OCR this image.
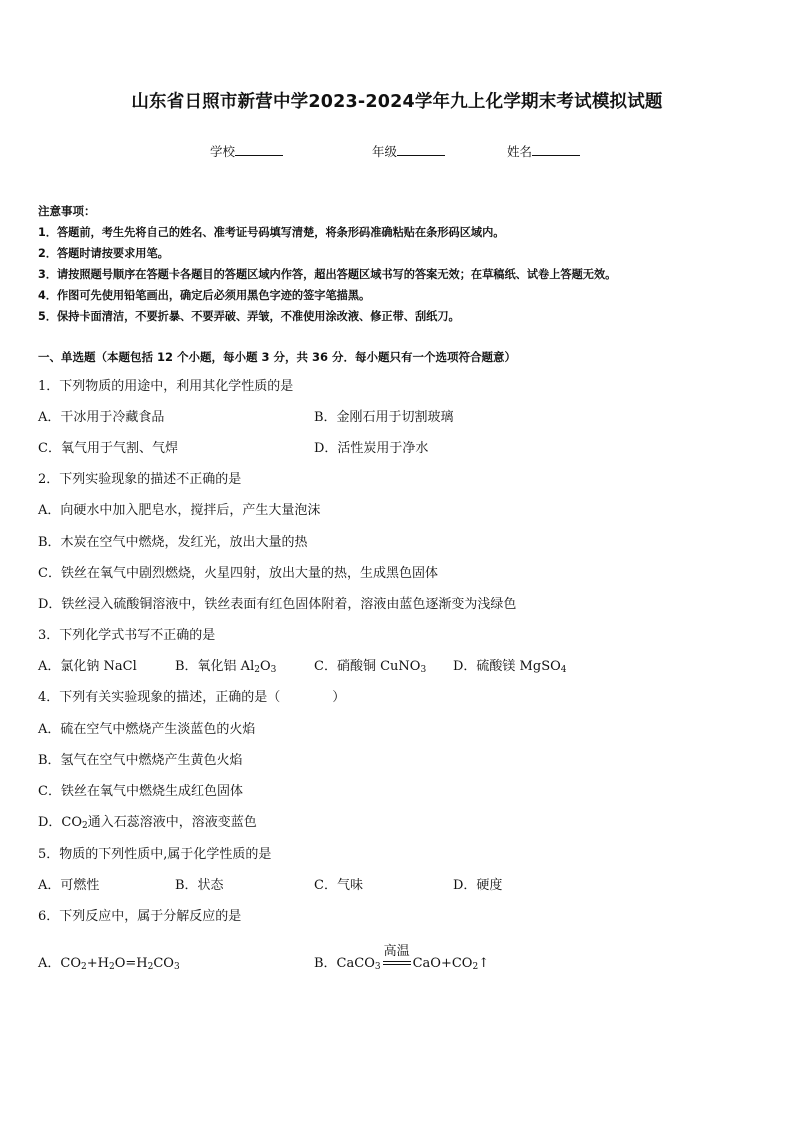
山东省日照市新营中学2023-2024学年九上化学期末考试模拟试题
学校	年级	姓名
注意事项：
1．答题前，考生先将自己的姓名、准考证号码填写清楚，将条形码准确粘贴在条形码区域内。
2．答题时请按要求用笔。
3．请按照题号顺序在答题卡各题目的答题区域内作答，超出答题区域书写的答案无效；在草稿纸、试卷上答题无效。
4．作图可先使用铅笔画出，确定后必须用黑色字迹的签字笔描黑。
5．保持卡面清洁，不要折暴、不要弄破、弄皱，不准使用涂改液、修正带、刮纸刀。
一、单选题（本题包括 12 个小题，每小题 3 分，共 36 分．每小题只有一个选项符合题意）
1．下列物质的用途中，利用其化学性质的是
A．干冰用于冷藏食品	B．金刚石用于切割玻璃
C．氧气用于气割、气焊	D．活性炭用于净水
2．下列实验现象的描述不正确的是
A．向硬水中加入肥皂水，搅拌后，产生大量泡沫
B．木炭在空气中燃烧，发红光，放出大量的热
C．铁丝在氧气中剧烈燃烧，火星四射，放出大量的热，生成黑色固体
D．铁丝浸入硫酸铜溶液中，铁丝表面有红色固体附着，溶液由蓝色逐渐变为浅绿色
3．下列化学式书写不正确的是
A．氯化钠 NaCl	B．氧化铝 $Al_2O_3$	C．硝酸铜 CuNO$_3$ D．硫酸镁 MgSO$_4$
4．下列有关实验现象的描述，正确的是（　　　　）
A．硫在空气中燃烧产生淡蓝色的火焰
B．氢气在空气中燃烧产生黄色火焰
C．铁丝在氧气中燃烧生成红色固体
D．$CO_2$通入石蕊溶液中，溶液变蓝色
5．物质的下列性质中,属于化学性质的是
A．可燃性	B．状态	C．气味	D．硬度
6．下列反应中，属于分解反应的是
A．$CO_2+H_2O=H_2CO_3$	B．CaCO$_3$
高温
$CaO+CO_2↑$
